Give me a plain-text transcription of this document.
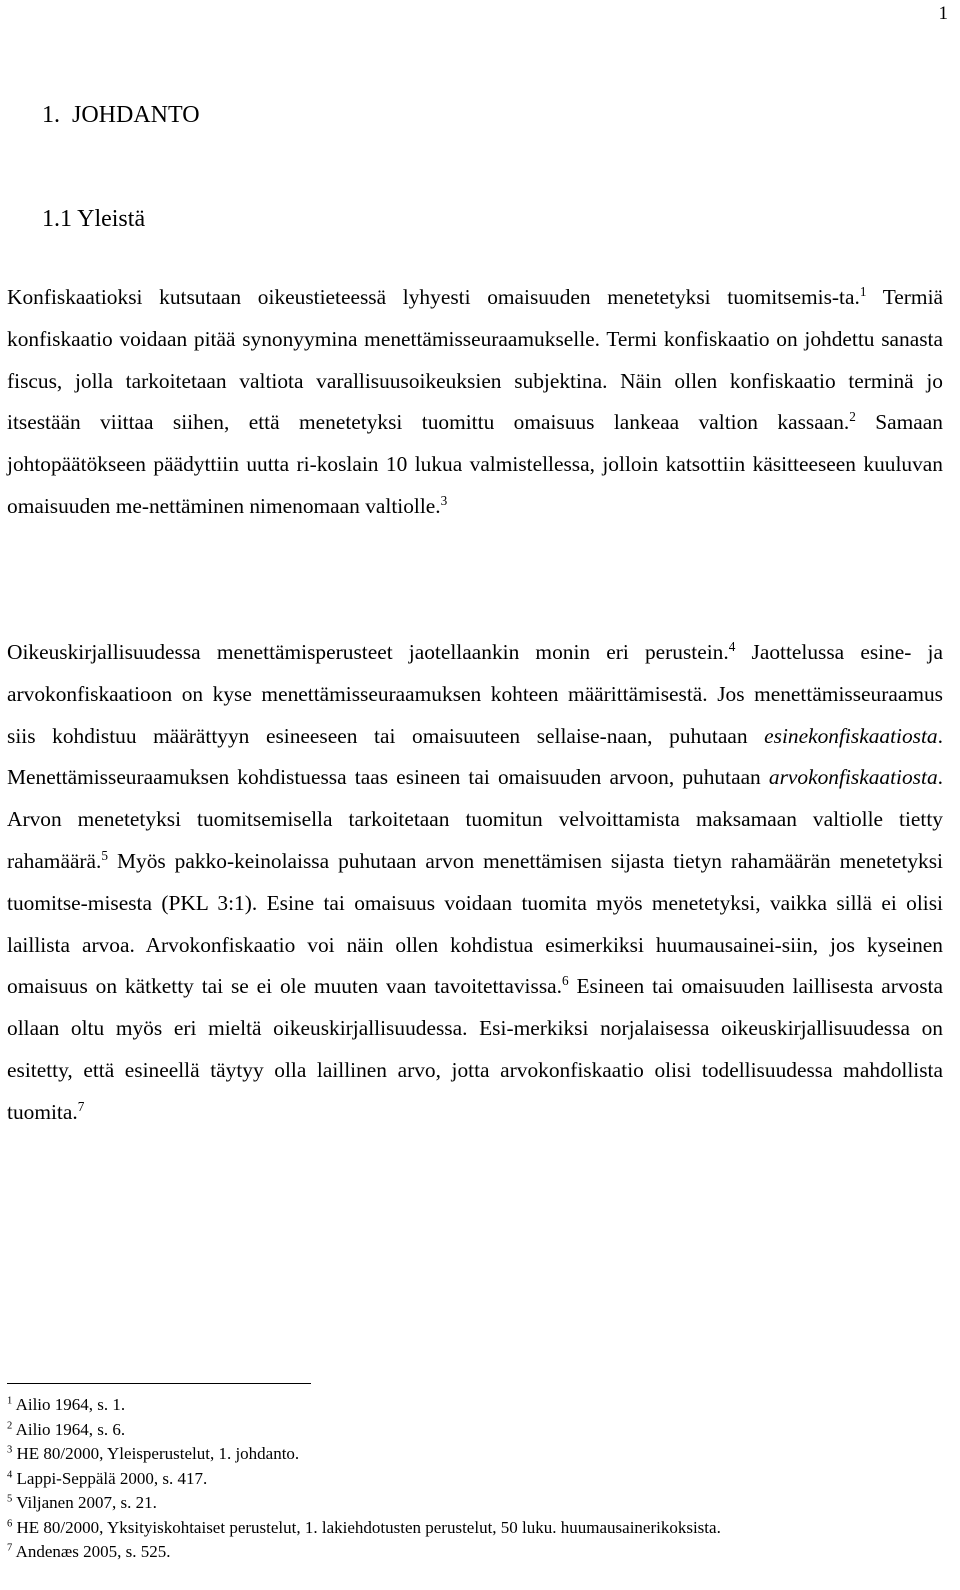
1
1. JOHDANTO
1.1 Yleistä

Konfiskaatioksi kutsutaan oikeustieteessä lyhyesti omaisuuden menetetyksi tuomitsemis-ta.$^1$ Termiä konfiskaatio voidaan pitää synonyymina menettämisseuraamukselle. Termi konfiskaatio on johdettu sanasta fiscus, jolla tarkoitetaan valtiota varallisuusoikeuksien subjektina. Näin ollen konfiskaatio terminä jo itsestään viittaa siihen, että menetetyksi tuomittu omaisuus lankeaa valtion kassaan.$^2$ Samaan johtopäätökseen päädyttiin uutta ri-koslain 10 lukua valmistellessa, jolloin katsottiin käsitteeseen kuuluvan omaisuuden me-nettäminen nimenomaan valtiolle.$^3$

Oikeuskirjallisuudessa menettämisperusteet jaotellaankin monin eri perustein.$^4$ Jaottelussa esine- ja arvokonfiskaatioon on kyse menettämisseuraamuksen kohteen määrittämisestä. Jos menettämisseuraamus siis kohdistuu määrättyyn esineeseen tai omaisuuteen sellaise-naan, puhutaan esinekonfiskaatiosta. Menettämisseuraamuksen kohdistuessa taas esineen tai omaisuuden arvoon, puhutaan arvokonfiskaatiosta. Arvon menetetyksi tuomitsemisella tarkoitetaan tuomitun velvoittamista maksamaan valtiolle tietty rahamäärä.$^5$ Myös pakko-keinolaissa puhutaan arvon menettämisen sijasta tietyn rahamäärän menetetyksi tuomitse-misesta (PKL 3:1). Esine tai omaisuus voidaan tuomita myös menetetyksi, vaikka sillä ei olisi laillista arvoa. Arvokonfiskaatio voi näin ollen kohdistua esimerkiksi huumausainei-siin, jos kyseinen omaisuus on kätketty tai se ei ole muuten vaan tavoitettavissa.$^6$ Esineen tai omaisuuden laillisesta arvosta ollaan oltu myös eri mieltä oikeuskirjallisuudessa. Esi-merkiksi norjalaisessa oikeuskirjallisuudessa on esitetty, että esineellä täytyy olla laillinen arvo, jotta arvokonfiskaatio olisi todellisuudessa mahdollista tuomita.$^7$

$^1$ Ailio 1964, s. 1.
$^2$ Ailio 1964, s. 6.
$^3$ HE 80/2000, Yleisperustelut, 1. johdanto.
$^4$ Lappi-Seppälä 2000, s. 417.
$^5$ Viljanen 2007, s. 21.
$^6$ HE 80/2000, Yksityiskohtaiset perustelut, 1. lakiehdotusten perustelut, 50 luku. huumausainerikoksista.
$^7$ Andenæs 2005, s. 525.
